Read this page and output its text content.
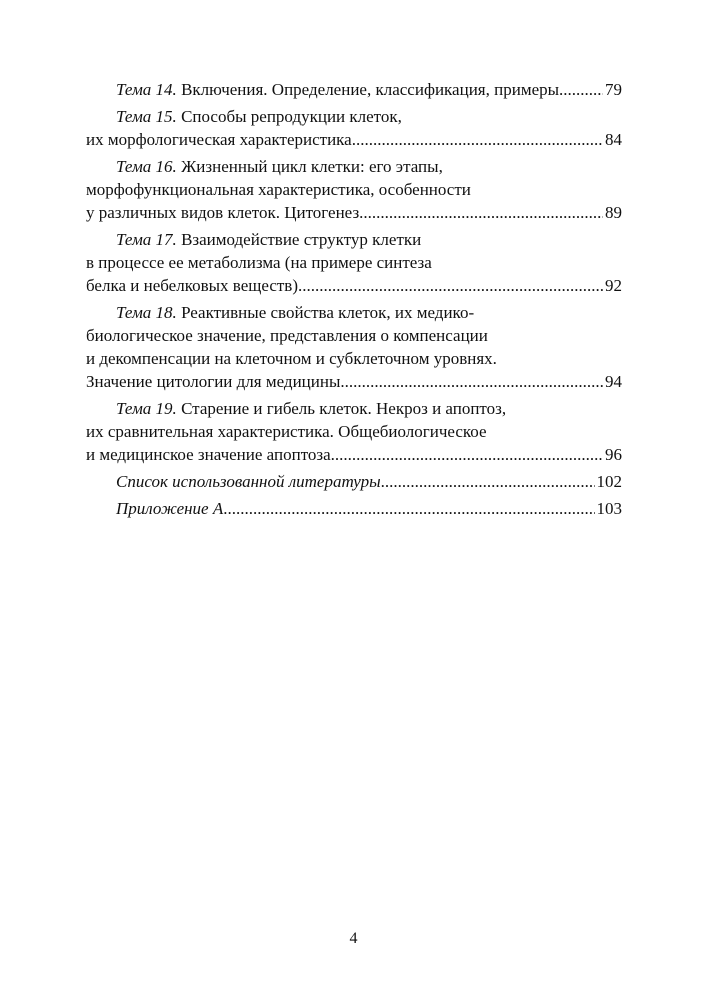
Тема 14. Включения. Определение, классификация, примеры .....	79
Тема 15. Способы репродукции клеток,
их морфологическая характеристика .....	84
Тема 16. Жизненный цикл клетки: его этапы,
морфофункциональная характеристика, особенности
у различных видов клеток. Цитогенез .....	89
Тема 17. Взаимодействие структур клетки
в процессе ее метаболизма (на примере синтеза
белка и небелковых веществ) .....	92
Тема 18. Реактивные свойства клеток, их медико-
биологическое значение, представления о компенсации
и декомпенсации на клеточном и субклеточном уровнях.
Значение цитологии для медицины .....	94
Тема 19. Старение и гибель клеток. Некроз и апоптоз,
их сравнительная характеристика. Общебиологическое
и медицинское значение апоптоза .....	96
Список использованной литературы .....	102
Приложение А .....	103
4
